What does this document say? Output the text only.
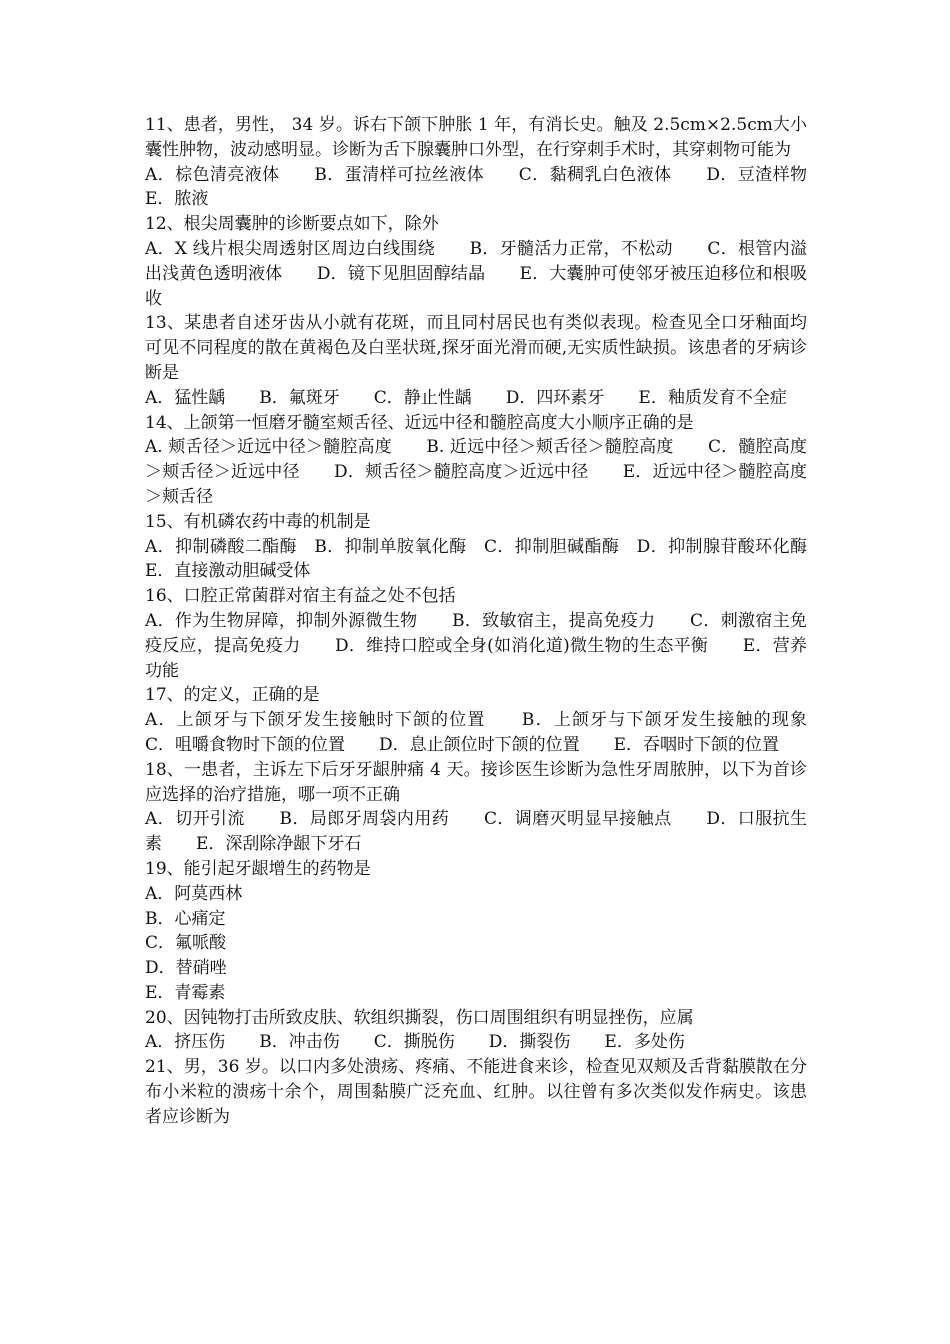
11、患者，男性， 34 岁。诉右下颌下肿胀 1 年，有消长史。触及 2.5cm×2.5cm大小囊性肿物，波动感明显。诊断为舌下腺囊肿口外型，在行穿刺手术时，其穿刺物可能为

A．棕色清亮液体　　B．蛋清样可拉丝液体　　C．黏稠乳白色液体　　D．豆渣样物　　E．脓液

12、根尖周囊肿的诊断要点如下，除外

A．X 线片根尖周透射区周边白线围绕　　B．牙髓活力正常，不松动　　C．根管内溢出浅黄色透明液体　　D．镜下见胆固醇结晶　　E．大囊肿可使邻牙被压迫移位和根吸收

13、某患者自述牙齿从小就有花斑，而且同村居民也有类似表现。检查见全口牙釉面均可见不同程度的散在黄褐色及白垩状斑,探牙面光滑而硬,无实质性缺损。该患者的牙病诊断是

A．猛性龋　　B．氟斑牙　　C．静止性龋　　D．四环素牙　　E．釉质发育不全症

14、上颌第一恒磨牙髓室颊舌径、近远中径和髓腔高度大小顺序正确的是

A. 颊舌径＞近远中径＞髓腔高度　　B. 近远中径＞颊舌径＞髓腔高度　　C．髓腔高度＞颊舌径＞近远中径　　D．颊舌径＞髓腔高度＞近远中径　　E．近远中径＞髓腔高度＞颊舌径

15、有机磷农药中毒的机制是

A．抑制磷酸二酯酶　B．抑制单胺氧化酶　C．抑制胆碱酯酶　D．抑制腺苷酸环化酶　　E．直接激动胆碱受体

16、口腔正常菌群对宿主有益之处不包括

A．作为生物屏障，抑制外源微生物　　B．致敏宿主，提高免疫力　　C．刺激宿主免疫反应，提高免疫力　　D．维持口腔或全身(如消化道)微生物的生态平衡　　E．营养功能

17、的定义，正确的是

A．上颌牙与下颌牙发生接触时下颌的位置　　B．上颌牙与下颌牙发生接触的现象　　C．咀嚼食物时下颌的位置　　D．息止颌位时下颌的位置　　E．吞咽时下颌的位置

18、一患者，主诉左下后牙牙龈肿痛 4 天。接诊医生诊断为急性牙周脓肿，以下为首诊应选择的治疗措施，哪一项不正确

A．切开引流　　B．局郎牙周袋内用药　　C．调磨灭明显早接触点　　D．口服抗生素　　E．深刮除净龈下牙石

19、能引起牙龈增生的药物是

A．阿莫西林

B．心痛定

C．氟哌酸

D．替硝唑

E．青霉素

20、因钝物打击所致皮肤、软组织撕裂，伤口周围组织有明显挫伤，应属

A．挤压伤　　B．冲击伤　　C．撕脱伤　　D．撕裂伤　　E．多处伤

21、男，36 岁。以口内多处溃疡、疼痛、不能进食来诊，检查见双颊及舌背黏膜散在分布小米粒的溃疡十余个，周围黏膜广泛充血、红肿。以往曾有多次类似发作病史。该患者应诊断为
